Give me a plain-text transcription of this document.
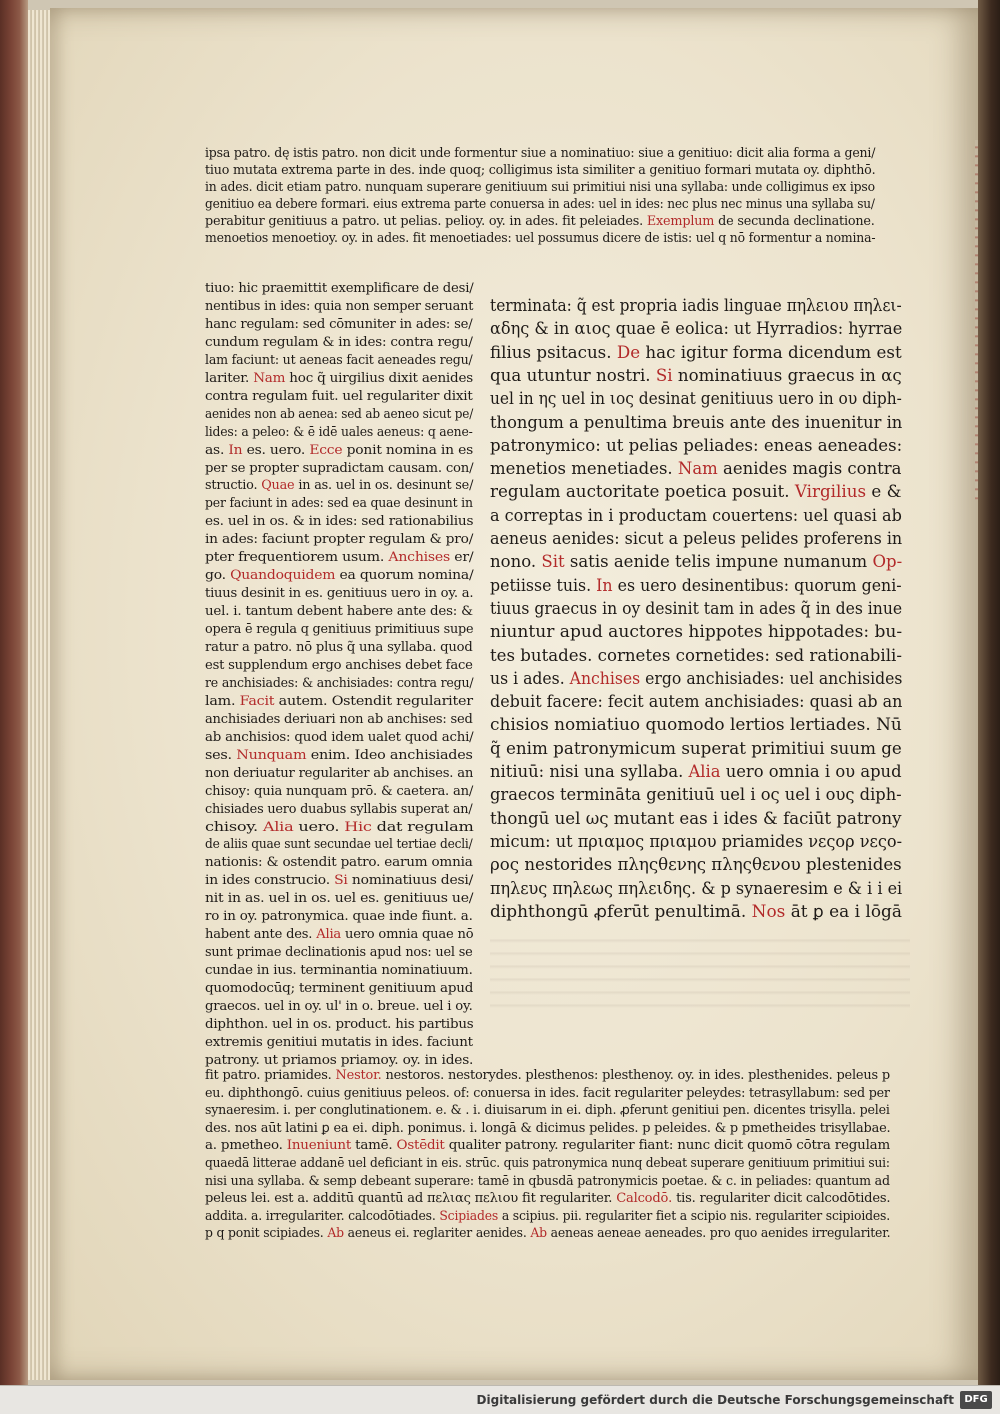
ipsa patro. dę istis patro. non dicit unde formentur siue a nominatiuo: siue a genitiuo: dicit alia forma a geni/
tiuo mutata extrema parte in des. inde quoq; colligimus ista similiter a genitiuo formari mutata oy. diphthō.
in ades. dicit etiam patro. nunquam superare genitiuum sui primitiui nisi una syllaba: unde colligimus ex ipso
genitiuo ea debere formari. eius extrema parte conuersa in ades: uel in ides: nec plus nec minus una syllaba su/
perabitur genitiuus a patro. ut pelias. pelioy. oy. in ades. fit peleiades. Exemplum de secunda declinatione.
menoetios menoetioy. oy. in ades. fit menoetiades: uel possumus dicere de istis: uel q nō formentur a nomina-
tiuo: hic praemittit exemplificare de desi/
nentibus in ides: quia non semper seruant
hanc regulam: sed cōmuniter in ades: se/
cundum regulam & in ides: contra regu/
lam faciunt: ut aeneas facit aeneades regu/
lariter. Nam hoc q̃ uirgilius dixit aenides
contra regulam fuit. uel regulariter dixit
aenides non ab aenea: sed ab aeneo sicut pe/
lides: a peleo: & ē idē uales aeneus: q aene-
as. In es. uero. Ecce ponit nomina in es
per se propter supradictam causam. con/
structio. Quae in as. uel in os. desinunt se/
per faciunt in ades: sed ea quae desinunt in
es. uel in os. & in ides: sed rationabilius
in ades: faciunt propter regulam & pro/
pter frequentiorem usum. Anchises er/
go. Quandoquidem ea quorum nomina/
tiuus desinit in es. genitiuus uero in oy. a.
uel. i. tantum debent habere ante des: &
opera ē regula q genitiuus primitiuus supe
ratur a patro. nō plus q̃ una syllaba. quod
est supplendum ergo anchises debet face
re anchisiades: & anchisiades: contra regu/
lam. Facit autem. Ostendit regulariter
anchisiades deriuari non ab anchises: sed
ab anchisios: quod idem ualet quod achi/
ses. Nunquam enim. Ideo anchisiades
non deriuatur regulariter ab anchises. an
chisoy: quia nunquam prō. & caetera. an/
chisiades uero duabus syllabis superat an/
chisoy. Alia uero. Hic dat regulam
de aliis quae sunt secundae uel tertiae decli/
nationis: & ostendit patro. earum omnia
in ides construcio. Si nominatiuus desi/
nit in as. uel in os. uel es. genitiuus ue/
ro in oy. patronymica. quae inde fiunt. a.
habent ante des. Alia uero omnia quae nō
sunt primae declinationis apud nos: uel se
cundae in ius. terminantia nominatiuum.
quomodocūq; terminent genitiuum apud
graecos. uel in oy. ul' in o. breue. uel i oy.
diphthon. uel in os. product. his partibus
extremis genitiui mutatis in ides. faciunt
patrony. ut priamos priamoy. oy. in ides.
terminata: q̃ est propria iadis linguae πηλειου πηλει-
αδης & in αιος quae ē eolica: ut Hyrradios: hyrrae
filius psitacus. De hac igitur forma dicendum est
qua utuntur nostri. Si nominatiuus graecus in ας
uel in ης uel in ιος desinat genitiuus uero in ου diph-
thongum a penultima breuis ante des inuenitur in
patronymico: ut pelias peliades: eneas aeneades:
menetios menetiades. Nam aenides magis contra
regulam auctoritate poetica posuit. Virgilius e &
a correptas in i productam couertens: uel quasi ab
aeneus aenides: sicut a peleus pelides proferens in
nono. Sit satis aenide telis impune numanum Op-
petiisse tuis. In es uero desinentibus: quorum geni-
tiuus graecus in oy desinit tam in ades q̃ in des inue
niuntur apud auctores hippotes hippotades: bu-
tes butades. cornetes cornetides: sed rationabili-
us i ades. Anchises ergo anchisiades: uel anchisides
debuit facere: fecit autem anchisiades: quasi ab an
chisios nomiatiuo quomodo lertios lertiades. Nū
q̃ enim patronymicum superat primitiui suum ge
nitiuū: nisi una syllaba. Alia uero omnia i ου apud
graecos termināta genitiuū uel i ος uel i ους diph-
thongū uel ως mutant eas i ides & faciūt patrony
micum: ut πριαμος πριαμου priamides νεςορ νεςο-
ρος nestorides πληςθενης πληςθενου plestenides
πηλευς πηλεως πηλειδης. & p synaeresim e & i i ei
diphthongū ꝓferūt penultimā. Nos āt ꝑ ea i lōgā
fit patro. priamides. Nestor. nestoros. nestorydes. plesthenos: plesthenoy. oy. in ides. plesthenides. peleus p
eu. diphthongō. cuius genitiuus peleos. of: conuersa in ides. facit regulariter peleydes: tetrasyllabum: sed per
synaeresim. i. per conglutinationem. e. & . i. diuisarum in ei. diph. ꝓferunt genitiui pen. dicentes trisylla. pelei
des. nos aūt latini ꝑ ea ei. diph. ponimus. i. longā & dicimus pelides. p peleides. & p pmetheides trisyllabae.
a. pmetheo. Inueniunt tamē. Ostēdit qualiter patrony. regulariter fiant: nunc dicit quomō cōtra regulam
quaedā litterae addanē uel deficiant in eis. strūc. quis patronymica nunq debeat superare genitiuum primitiui sui:
nisi una syllaba. & semp debeant superare: tamē in qbusdā patronymicis poetae. & c. in peliades: quantum ad
peleus lei. est a. additū quantū ad πελιας πελιου fit regulariter. Calcodō. tis. regulariter dicit calcodōtides.
addita. a. irregulariter. calcodōtiades. Scipiades a scipius. pii. regulariter fiet a scipio nis. regulariter scipioides.
p q ponit scipiades. Ab aeneus ei. reglariter aenides. Ab aeneas aeneae aeneades. pro quo aenides irregulariter.
Digitalisierung gefördert durch die Deutsche Forschungsgemeinschaft	DFG
